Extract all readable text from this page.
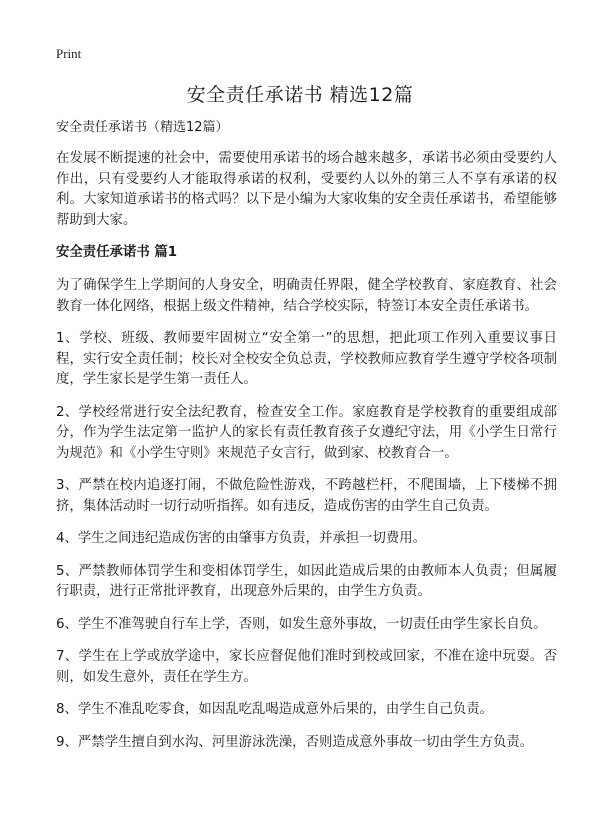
Print
安全责任承诺书 精选12篇
安全责任承诺书（精选12篇）

在发展不断提速的社会中，需要使用承诺书的场合越来越多，承诺书必须由受要约人作出，只有受要约人才能取得承诺的权利，受要约人以外的第三人不享有承诺的权利。大家知道承诺书的格式吗？以下是小编为大家收集的安全责任承诺书，希望能够帮助到大家。

安全责任承诺书 篇1

为了确保学生上学期间的人身安全，明确责任界限，健全学校教育、家庭教育、社会教育一体化网络，根据上级文件精神，结合学校实际，特签订本安全责任承诺书。

1、学校、班级、教师要牢固树立“安全第一”的思想，把此项工作列入重要议事日程，实行安全责任制；校长对全校安全负总责，学校教师应教育学生遵守学校各项制度，学生家长是学生第一责任人。

2、学校经常进行安全法纪教育，检查安全工作。家庭教育是学校教育的重要组成部分，作为学生法定第一监护人的家长有责任教育孩子女遵纪守法，用《小学生日常行为规范》和《小学生守则》来规范子女言行，做到家、校教育合一。

3、严禁在校内追逐打闹，不做危险性游戏，不跨越栏杆，不爬围墙，上下楼梯不拥挤，集体活动时一切行动听指挥。如有违反，造成伤害的由学生自己负责。

4、学生之间违纪造成伤害的由肇事方负责，并承担一切费用。

5、严禁教师体罚学生和变相体罚学生，如因此造成后果的由教师本人负责；但属履行职责，进行正常批评教育，出现意外后果的，由学生方负责。

6、学生不准驾驶自行车上学，否则，如发生意外事故，一切责任由学生家长自负。

7、学生在上学或放学途中，家长应督促他们准时到校或回家，不准在途中玩耍。否则，如发生意外，责任在学生方。

8、学生不准乱吃零食，如因乱吃乱喝造成意外后果的，由学生自己负责。

9、严禁学生擅自到水沟、河里游泳洗澡，否则造成意外事故一切由学生方负责。
